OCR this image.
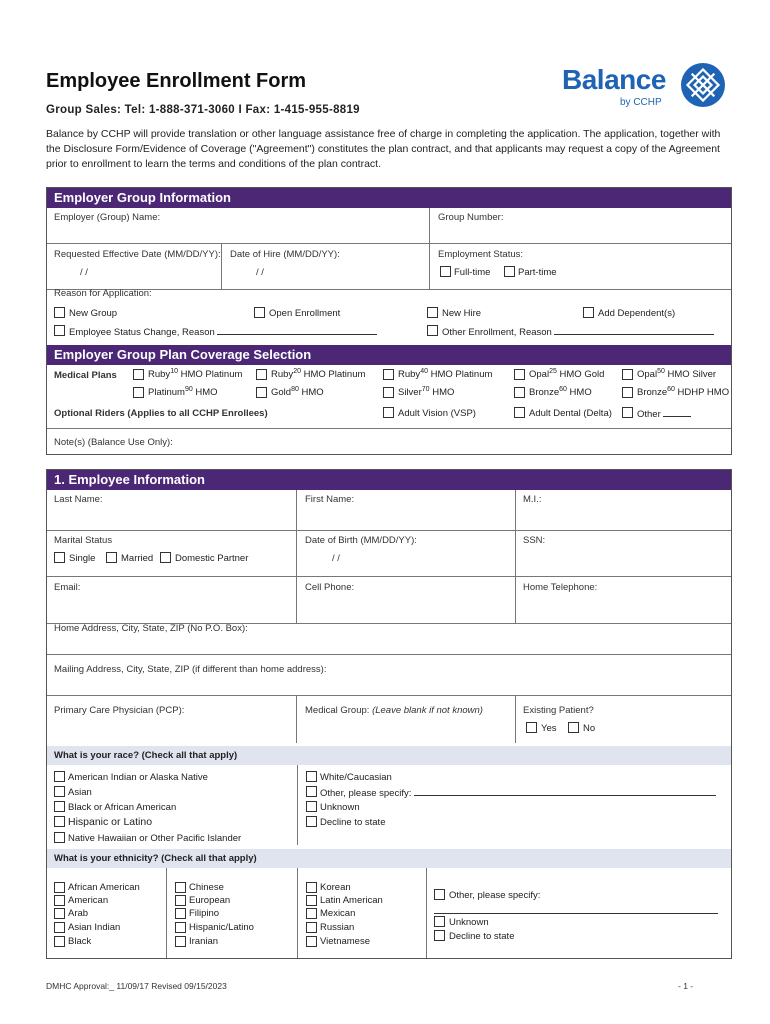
Employee Enrollment Form
Group Sales: Tel: 1-888-371-3060 I Fax: 1-415-955-8819
Balance by CCHP will provide translation or other language assistance free of charge in completing the application. The application, together with the Disclosure Form/Evidence of Coverage ("Agreement") constitutes the plan contract, and that applicants may request a copy of the Agreement prior to enrollment to learn the terms and conditions of the plan contract.
Balance
by CCHP
Employer Group Information
Employer (Group) Name:	Group Number:
Requested Effective Date (MM/DD/YY):
/ /
Date of Hire (MM/DD/YY):
/ /
Employment Status:
Full-time	Part-time
Reason for Application:
New Group	Open Enrollment	New Hire	Add Dependent(s)
Employee Status Change, Reason	Other Enrollment, Reason
Employer Group Plan Coverage Selection
Medical Plans	Ruby$^{10}$ HMO Platinum	Ruby$^{20}$ HMO Platinum	Ruby$^{40}$ HMO Platinum	Opal$^{25}$ HMO Gold	Opal$^{50}$ HMO Silver
Platinum$^{90}$ HMO	Gold$^{80}$ HMO	Silver$^{70}$ HMO	Bronze$^{60}$ HMO	Bronze$^{60}$ HDHP HMO
Optional Riders (Applies to all CCHP Enrollees)	Adult Vision (VSP)	Adult Dental (Delta)	Other
Note(s) (Balance Use Only):
1. Employee Information
Last Name:	First Name:	M.I.:
Marital Status
Single	Married Domestic Partner
Date of Birth (MM/DD/YY):
/ /
SSN:
Email:	Cell Phone:	Home Telephone:
Home Address, City, State, ZIP (No P.O. Box):
Mailing Address, City, State, ZIP (if different than home address):
Primary Care Physician (PCP):	Medical Group: (Leave blank if not known)	Existing Patient?
Yes	No
What is your race? (Check all that apply)
American Indian or Alaska Native
Asian
Black or African American
Hispanic or Latino
Native Hawaiian or Other Pacific Islander
White/Caucasian
Other, please specify:
Unknown
Decline to state
What is your ethnicity? (Check all that apply)
African American
American
Arab
Asian Indian
Black
Chinese
European
Filipino
Hispanic/Latino
Iranian
Korean
Latin American
Mexican
Russian
Vietnamese
Other, please specify:
Unknown
Decline to state
DMHC Approval:_ 11/09/17 Revised 09/15/2023	- 1 -
